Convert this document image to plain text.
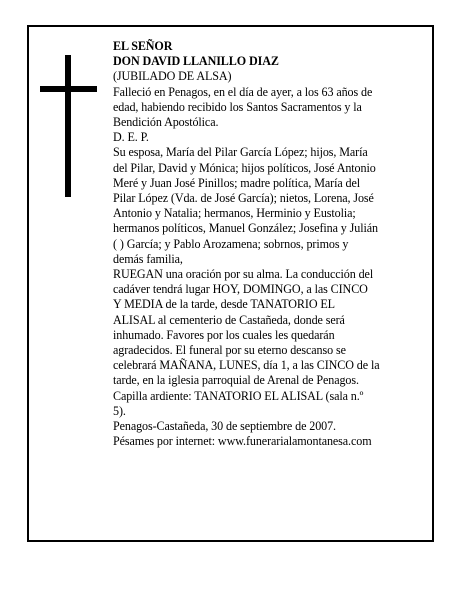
EL SEÑOR
DON DAVID LLANILLO DIAZ
(JUBILADO DE ALSA)
Falleció en Penagos, en el día de ayer, a los 63 años de
edad, habiendo recibido los Santos Sacramentos y la
Bendición Apostólica.
D. E. P.
Su esposa, María del Pilar García López; hijos, María
del Pilar, David y Mónica; hijos políticos, José Antonio
Meré y Juan José Pinillos; madre política, María del
Pilar López (Vda. de José García); nietos, Lorena, José
Antonio y Natalia; hermanos, Herminio y Eustolia;
hermanos políticos, Manuel González; Josefina y Julián
( ) García; y Pablo Arozamena; sobrnos, primos y
demás familia,
RUEGAN una oración por su alma. La conducción del
cadáver tendrá lugar HOY, DOMINGO, a las CINCO
Y MEDIA de la tarde, desde TANATORIO EL
ALISAL al cementerio de Castañeda, donde será
inhumado. Favores por los cuales les quedarán
agradecidos. El funeral por su eterno descanso se
celebrará MAÑANA, LUNES, día 1, a las CINCO de la
tarde, en la iglesia parroquial de Arenal de Penagos.
Capilla ardiente: TANATORIO EL ALISAL (sala n.º
5).
Penagos-Castañeda, 30 de septiembre de 2007.
Pésames por internet: www.funerarialamontanesa.com
